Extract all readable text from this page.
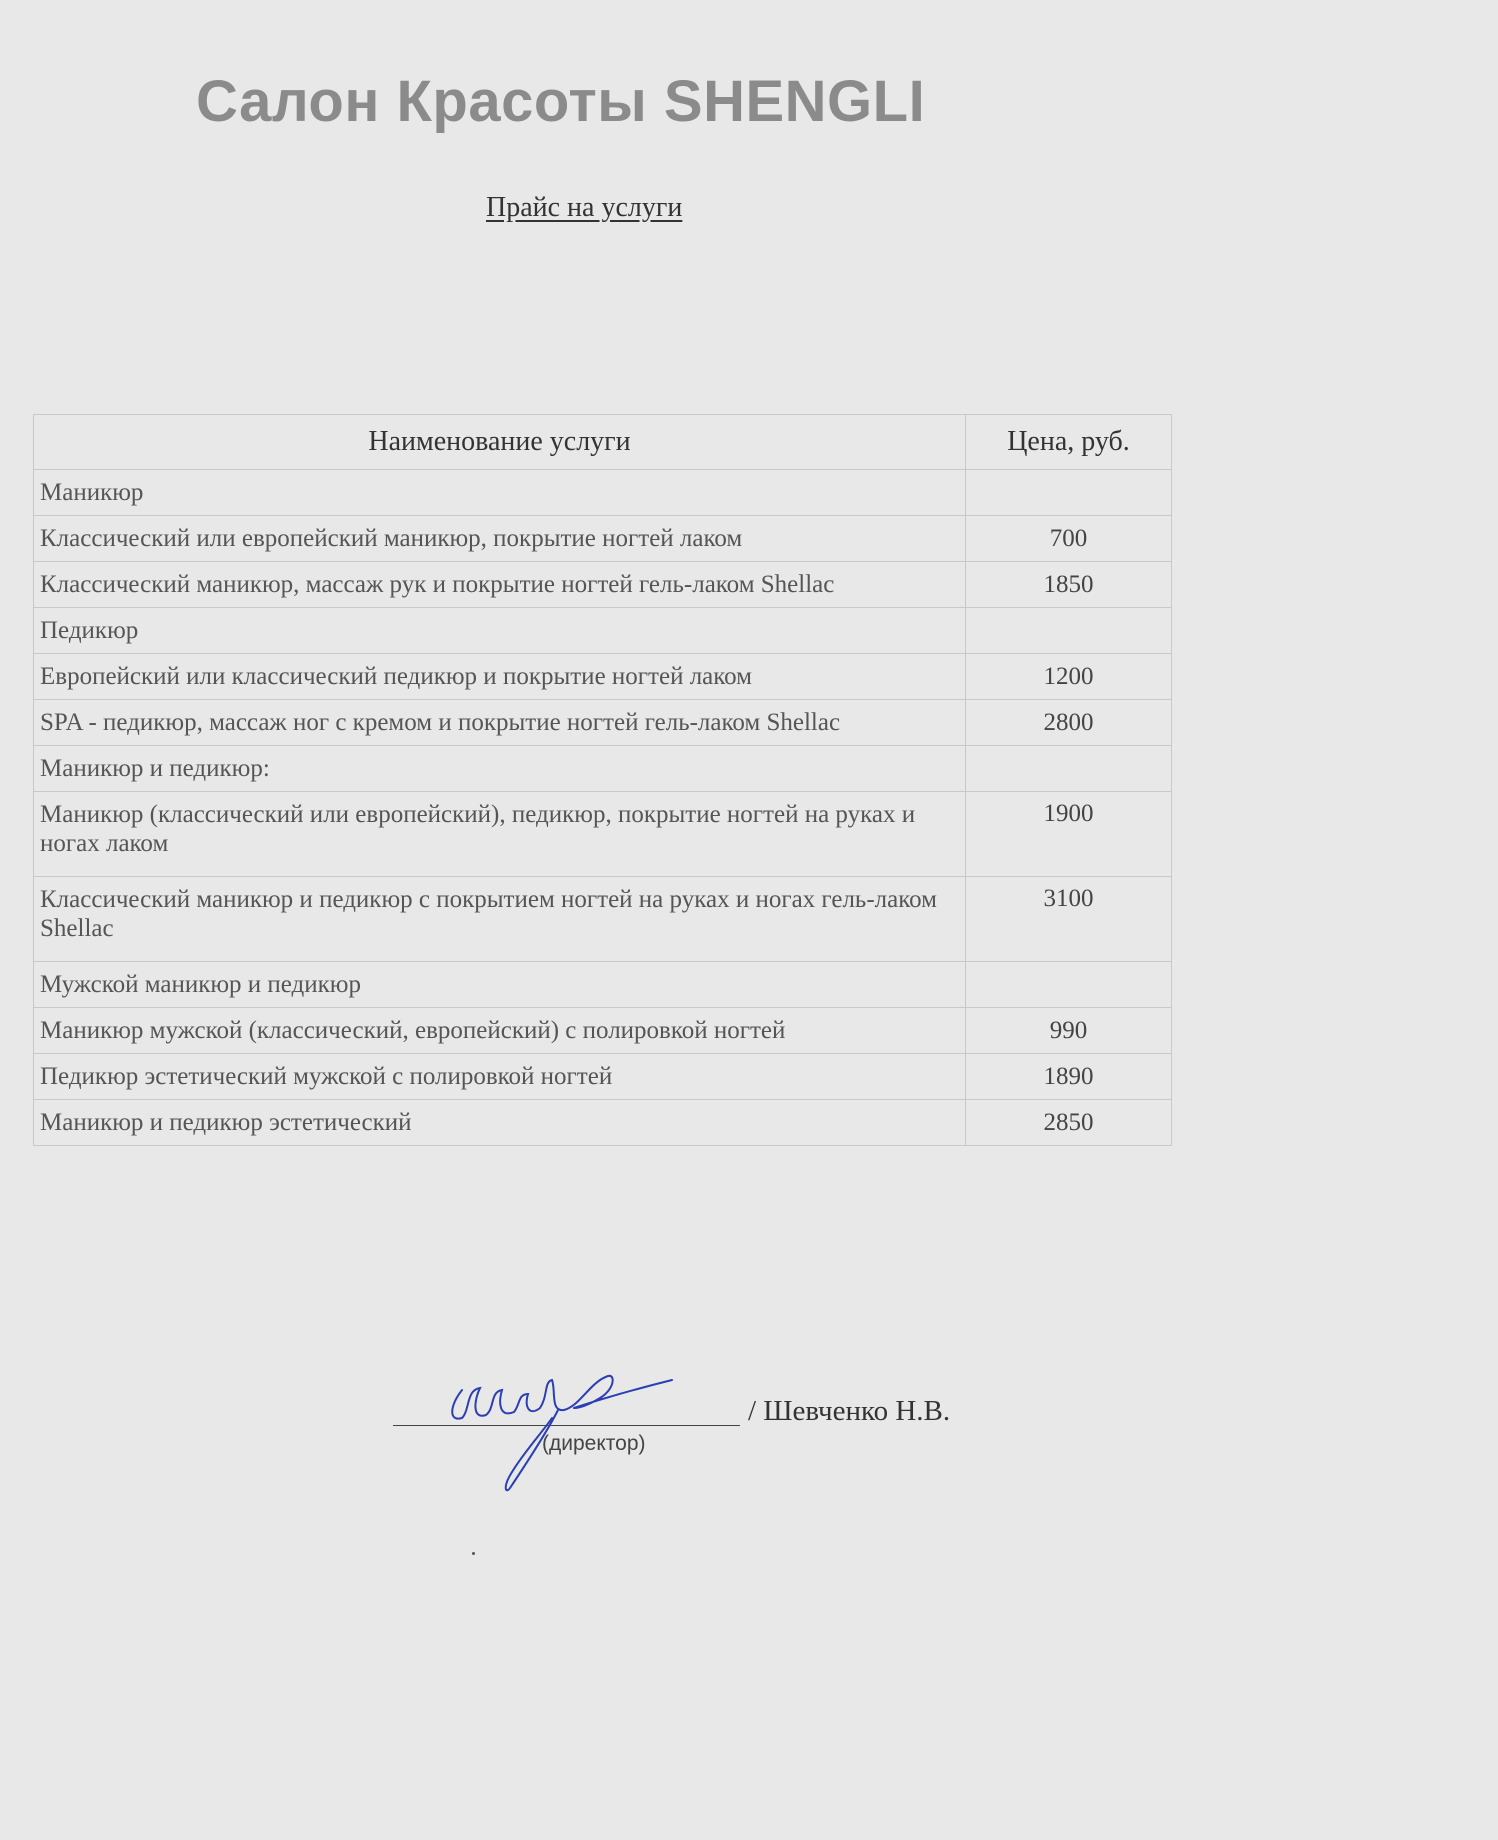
Салон Красоты SHENGLI
Прайс на услуги
Наименование услуги	Цена, руб.
Маникюр	
Классический или европейский маникюр, покрытие ногтей лаком	700
Классический маникюр, массаж рук и покрытие ногтей гель-лаком Shellac	1850
Педикюр	
Европейский или классический педикюр и покрытие ногтей лаком	1200
SPA - педикюр, массаж ног с кремом и покрытие ногтей гель-лаком Shellac	2800
Маникюр и педикюр:	
Маникюр (классический или европейский), педикюр, покрытие ногтей на руках и ногах лаком	1900
Классический маникюр и педикюр с покрытием ногтей на руках и ногах гель-лаком Shellac	3100
Мужской маникюр и педикюр	
Маникюр мужской (классический, европейский) с полировкой ногтей	990
Педикюр эстетический мужской с полировкой ногтей	1890
Маникюр и педикюр эстетический	2850
/ Шевченко Н.В.
(директор)
